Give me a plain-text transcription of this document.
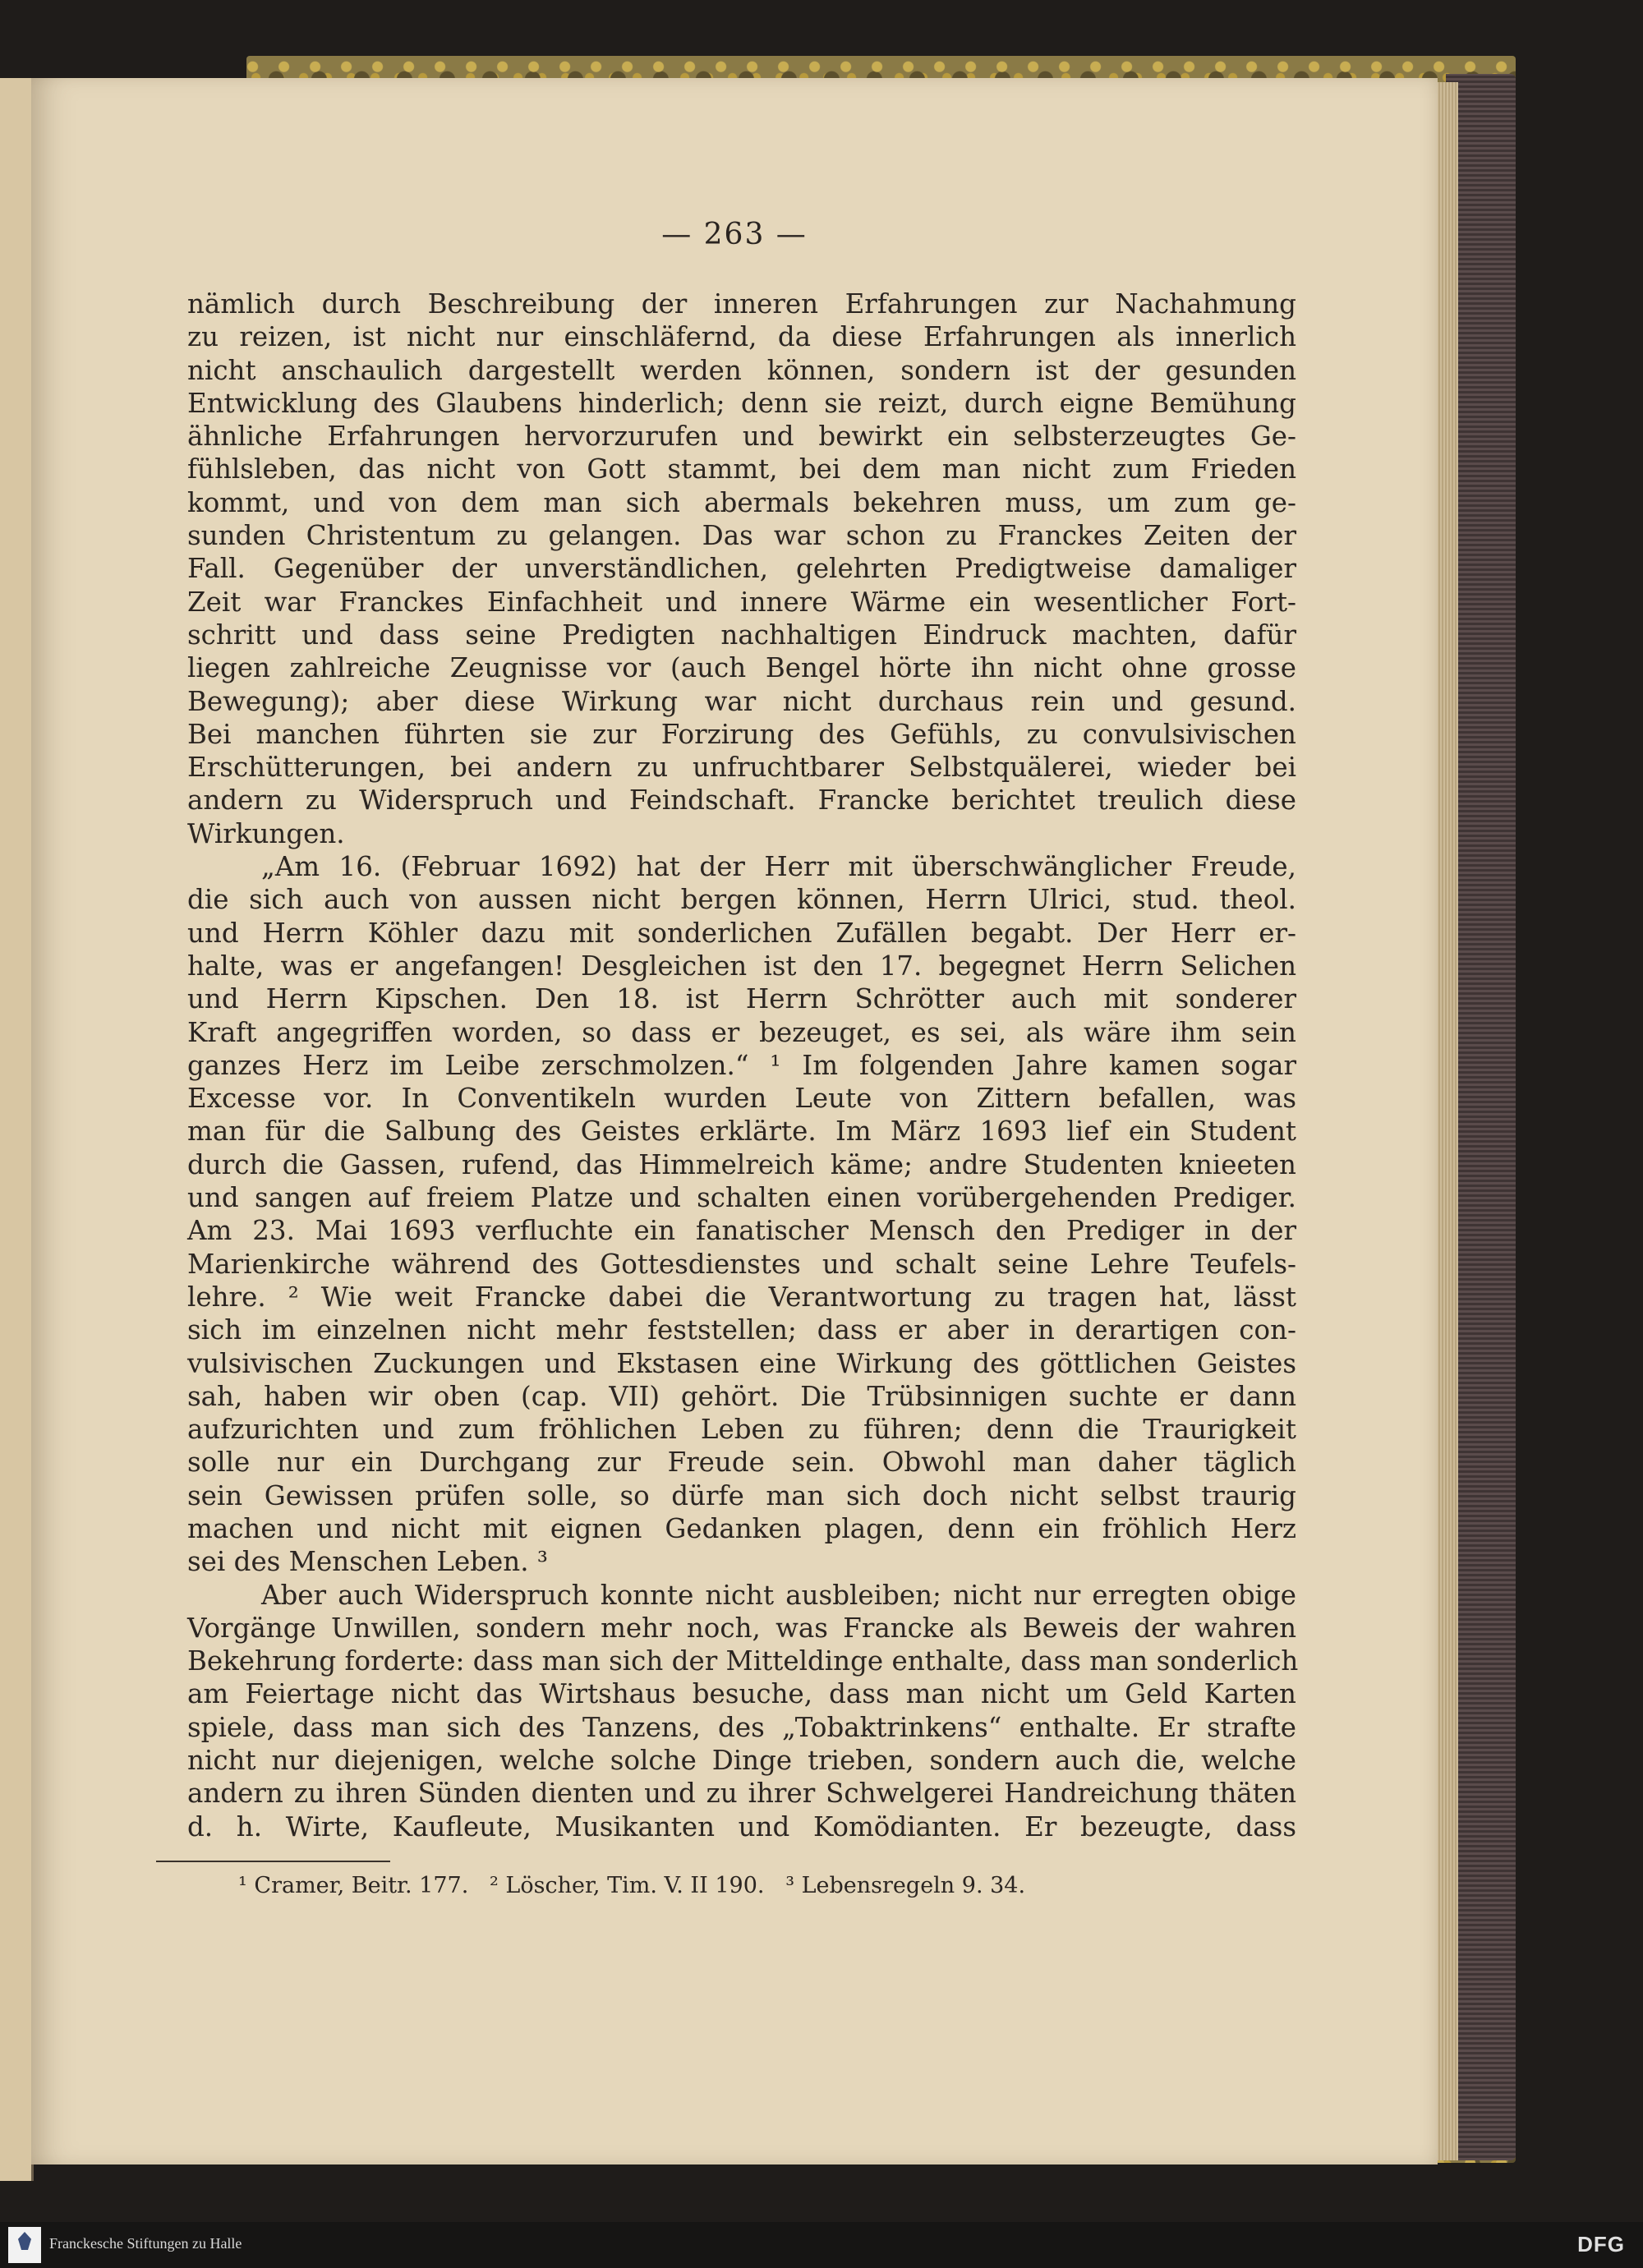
— 263 —
nämlich durch Beschreibung der inneren Erfahrungen zur Nachahmung
zu reizen, ist nicht nur einschläfernd, da diese Erfahrungen als innerlich
nicht anschaulich dargestellt werden können, sondern ist der gesunden
Entwicklung des Glaubens hinderlich; denn sie reizt, durch eigne Bemühung
ähnliche Erfahrungen hervorzurufen und bewirkt ein selbsterzeugtes Ge-
fühlsleben, das nicht von Gott stammt, bei dem man nicht zum Frieden
kommt, und von dem man sich abermals bekehren muss, um zum ge-
sunden Christentum zu gelangen. Das war schon zu Franckes Zeiten der
Fall. Gegenüber der unverständlichen, gelehrten Predigtweise damaliger
Zeit war Franckes Einfachheit und innere Wärme ein wesentlicher Fort-
schritt und dass seine Predigten nachhaltigen Eindruck machten, dafür
liegen zahlreiche Zeugnisse vor (auch Bengel hörte ihn nicht ohne grosse
Bewegung); aber diese Wirkung war nicht durchaus rein und gesund.
Bei manchen führten sie zur Forzirung des Gefühls, zu convulsivischen
Erschütterungen, bei andern zu unfruchtbarer Selbstquälerei, wieder bei
andern zu Widerspruch und Feindschaft. Francke berichtet treulich diese
Wirkungen.
„Am 16. (Februar 1692) hat der Herr mit überschwänglicher Freude,
die sich auch von aussen nicht bergen können, Herrn Ulrici, stud. theol.
und Herrn Köhler dazu mit sonderlichen Zufällen begabt. Der Herr er-
halte, was er angefangen! Desgleichen ist den 17. begegnet Herrn Selichen
und Herrn Kipschen. Den 18. ist Herrn Schrötter auch mit sonderer
Kraft angegriffen worden, so dass er bezeuget, es sei, als wäre ihm sein
ganzes Herz im Leibe zerschmolzen.“ ¹ Im folgenden Jahre kamen sogar
Excesse vor. In Conventikeln wurden Leute von Zittern befallen, was
man für die Salbung des Geistes erklärte. Im März 1693 lief ein Student
durch die Gassen, rufend, das Himmelreich käme; andre Studenten knieeten
und sangen auf freiem Platze und schalten einen vorübergehenden Prediger.
Am 23. Mai 1693 verfluchte ein fanatischer Mensch den Prediger in der
Marienkirche während des Gottesdienstes und schalt seine Lehre Teufels-
lehre. ² Wie weit Francke dabei die Verantwortung zu tragen hat, lässt
sich im einzelnen nicht mehr feststellen; dass er aber in derartigen con-
vulsivischen Zuckungen und Ekstasen eine Wirkung des göttlichen Geistes
sah, haben wir oben (cap. VII) gehört. Die Trübsinnigen suchte er dann
aufzurichten und zum fröhlichen Leben zu führen; denn die Traurigkeit
solle nur ein Durchgang zur Freude sein. Obwohl man daher täglich
sein Gewissen prüfen solle, so dürfe man sich doch nicht selbst traurig
machen und nicht mit eignen Gedanken plagen, denn ein fröhlich Herz
sei des Menschen Leben. ³
Aber auch Widerspruch konnte nicht ausbleiben; nicht nur erregten obige
Vorgänge Unwillen, sondern mehr noch, was Francke als Beweis der wahren
Bekehrung forderte: dass man sich der Mitteldinge enthalte, dass man sonderlich
am Feiertage nicht das Wirtshaus besuche, dass man nicht um Geld Karten
spiele, dass man sich des Tanzens, des „Tobaktrinkens“ enthalte. Er strafte
nicht nur diejenigen, welche solche Dinge trieben, sondern auch die, welche
andern zu ihren Sünden dienten und zu ihrer Schwelgerei Handreichung thäten
d. h. Wirte, Kaufleute, Musikanten und Komödianten. Er bezeugte, dass
¹ Cramer, Beitr. 177.   ² Löscher, Tim. V. II 190.   ³ Lebensregeln 9. 34.
Franckesche Stiftungen zu Halle	DFG
